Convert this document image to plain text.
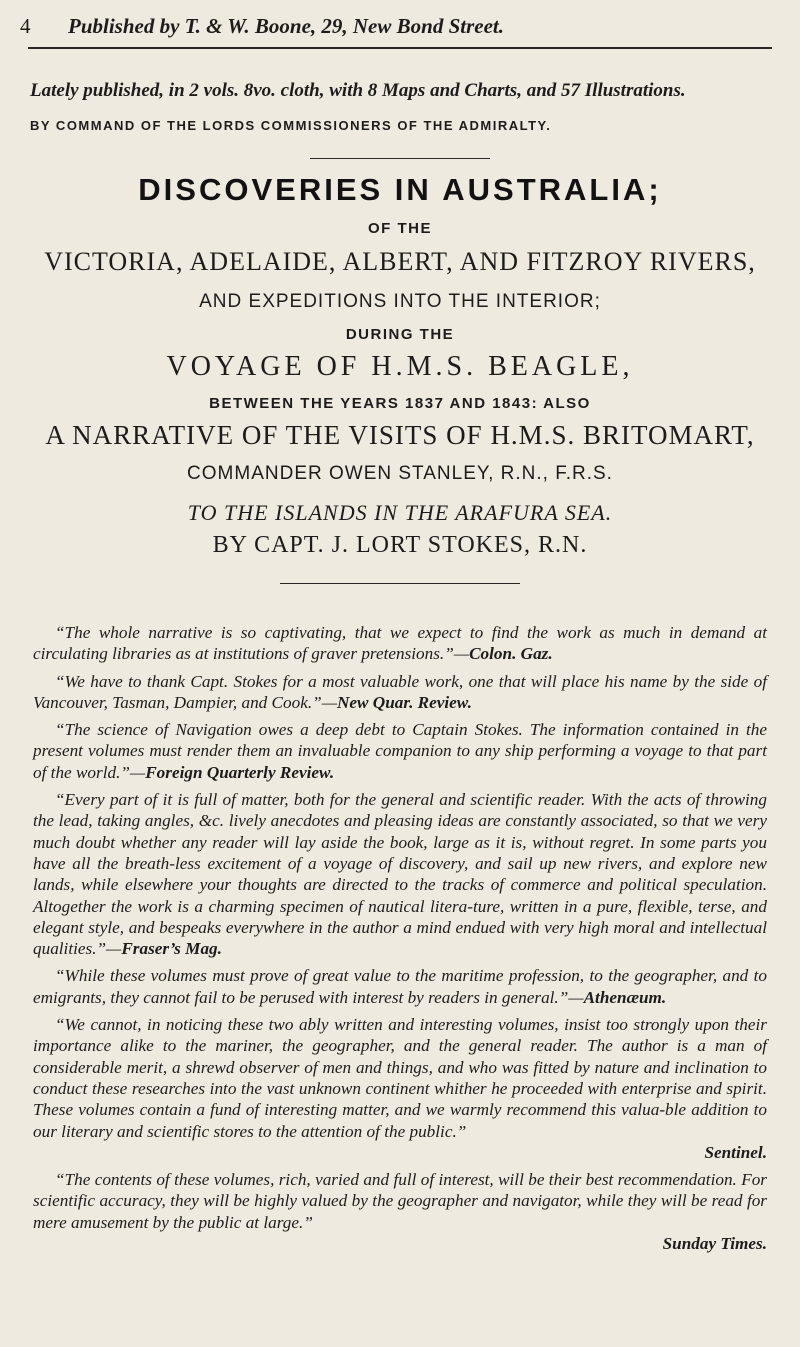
4	Published by T. & W. Boone, 29, New Bond Street.
Lately published, in 2 vols. 8vo. cloth, with 8 Maps and Charts, and 57 Illustrations.
BY COMMAND OF THE LORDS COMMISSIONERS OF THE ADMIRALTY.
DISCOVERIES IN AUSTRALIA;
OF THE
VICTORIA, ADELAIDE, ALBERT, AND FITZROY RIVERS,
AND EXPEDITIONS INTO THE INTERIOR;
DURING THE
VOYAGE OF H.M.S. BEAGLE,
BETWEEN THE YEARS 1837 AND 1843: ALSO
A NARRATIVE OF THE VISITS OF H.M.S. BRITOMART,
COMMANDER OWEN STANLEY, R.N., F.R.S.
TO THE ISLANDS IN THE ARAFURA SEA.
BY CAPT. J. LORT STOKES, R.N.

“The whole narrative is so captivating, that we expect to find the work as much in demand at circulating libraries as at institutions of graver pretensions.”—Colon. Gaz.

“We have to thank Capt. Stokes for a most valuable work, one that will place his name by the side of Vancouver, Tasman, Dampier, and Cook.”—New Quar. Review.

“The science of Navigation owes a deep debt to Captain Stokes. The information contained in the present volumes must render them an invaluable companion to any ship performing a voyage to that part of the world.”—Foreign Quarterly Review.

“Every part of it is full of matter, both for the general and scientific reader. With the acts of throwing the lead, taking angles, &c. lively anecdotes and pleasing ideas are constantly associated, so that we very much doubt whether any reader will lay aside the book, large as it is, without regret. In some parts you have all the breath-less excitement of a voyage of discovery, and sail up new rivers, and explore new lands, while elsewhere your thoughts are directed to the tracks of commerce and political speculation. Altogether the work is a charming specimen of nautical litera-ture, written in a pure, flexible, terse, and elegant style, and bespeaks everywhere in the author a mind endued with very high moral and intellectual qualities.”—Fraser’s Mag.

“While these volumes must prove of great value to the maritime profession, to the geographer, and to emigrants, they cannot fail to be perused with interest by readers in general.”—Athenæum.

“We cannot, in noticing these two ably written and interesting volumes, insist too strongly upon their importance alike to the mariner, the geographer, and the general reader. The author is a man of considerable merit, a shrewd observer of men and things, and who was fitted by nature and inclination to conduct these researches into the vast unknown continent whither he proceeded with enterprise and spirit. These volumes contain a fund of interesting matter, and we warmly recommend this valua-ble addition to our literary and scientific stores to the attention of the public.”
Sentinel.

“The contents of these volumes, rich, varied and full of interest, will be their best recommendation. For scientific accuracy, they will be highly valued by the geographer and navigator, while they will be read for mere amusement by the public at large.”
Sunday Times.
